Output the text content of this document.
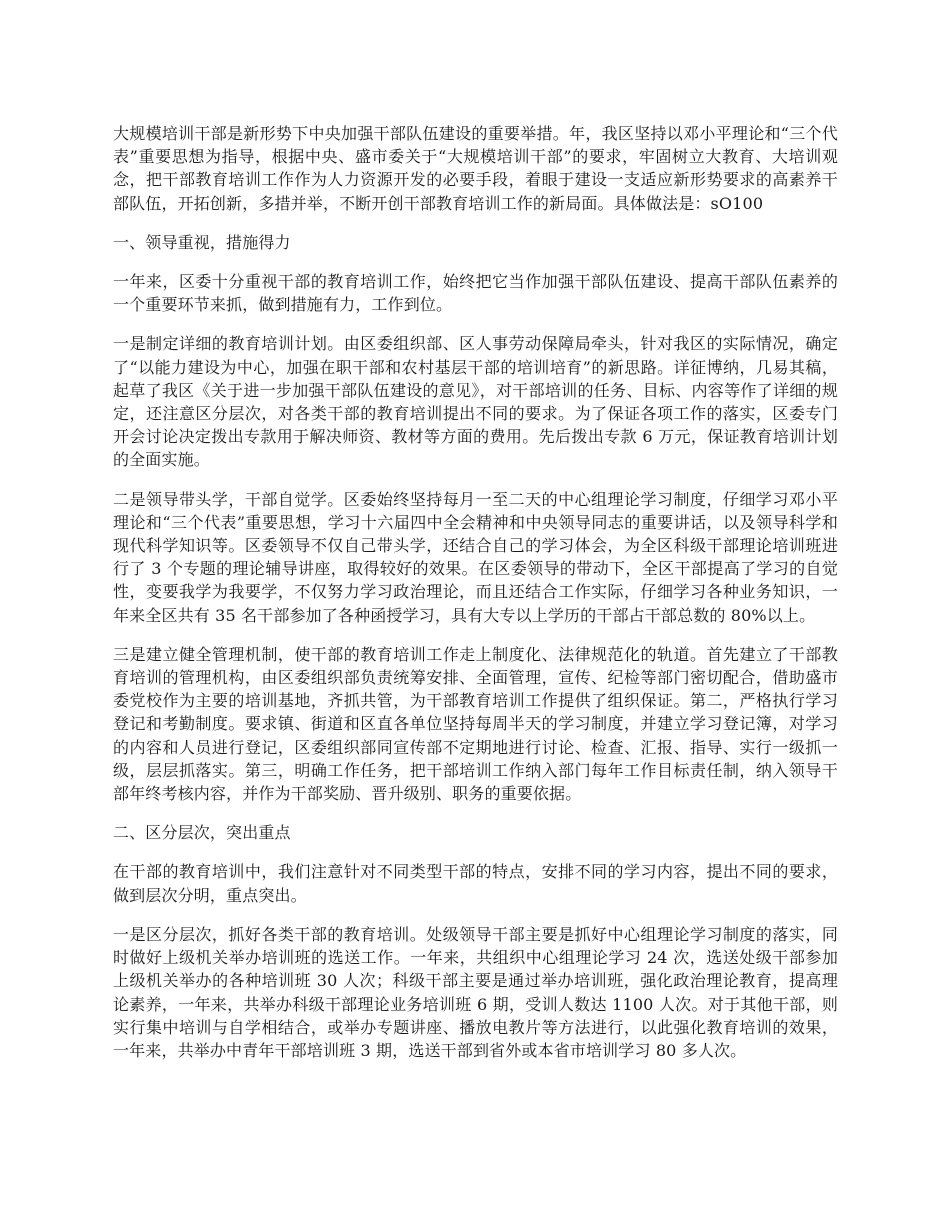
大规模培训干部是新形势下中央加强干部队伍建设的重要举措。年，我区坚持以邓小平理论和“三个代表”重要思想为指导，根据中央、盛市委关于“大规模培训干部”的要求，牢固树立大教育、大培训观念，把干部教育培训工作作为人力资源开发的必要手段，着眼于建设一支适应新形势要求的高素养干部队伍，开拓创新，多措并举，不断开创干部教育培训工作的新局面。具体做法是：sO100

一、领导重视，措施得力

一年来，区委十分重视干部的教育培训工作，始终把它当作加强干部队伍建设、提高干部队伍素养的一个重要环节来抓，做到措施有力，工作到位。

一是制定详细的教育培训计划。由区委组织部、区人事劳动保障局牵头，针对我区的实际情况，确定了“以能力建设为中心，加强在职干部和农村基层干部的培训培育”的新思路。详征博纳，几易其稿，起草了我区《关于进一步加强干部队伍建设的意见》，对干部培训的任务、目标、内容等作了详细的规定，还注意区分层次，对各类干部的教育培训提出不同的要求。为了保证各项工作的落实，区委专门开会讨论决定拨出专款用于解决师资、教材等方面的费用。先后拨出专款 6 万元，保证教育培训计划的全面实施。

二是领导带头学，干部自觉学。区委始终坚持每月一至二天的中心组理论学习制度，仔细学习邓小平理论和“三个代表”重要思想，学习十六届四中全会精神和中央领导同志的重要讲话，以及领导科学和现代科学知识等。区委领导不仅自己带头学，还结合自己的学习体会，为全区科级干部理论培训班进行了 3 个专题的理论辅导讲座，取得较好的效果。在区委领导的带动下，全区干部提高了学习的自觉性，变要我学为我要学，不仅努力学习政治理论，而且还结合工作实际，仔细学习各种业务知识，一年来全区共有 35 名干部参加了各种函授学习，具有大专以上学历的干部占干部总数的 80%以上。

三是建立健全管理机制，使干部的教育培训工作走上制度化、法律规范化的轨道。首先建立了干部教育培训的管理机构，由区委组织部负责统筹安排、全面管理，宣传、纪检等部门密切配合，借助盛市委党校作为主要的培训基地，齐抓共管，为干部教育培训工作提供了组织保证。第二，严格执行学习登记和考勤制度。要求镇、街道和区直各单位坚持每周半天的学习制度，并建立学习登记簿，对学习的内容和人员进行登记，区委组织部同宣传部不定期地进行讨论、检查、汇报、指导、实行一级抓一级，层层抓落实。第三，明确工作任务，把干部培训工作纳入部门每年工作目标责任制，纳入领导干部年终考核内容，并作为干部奖励、晋升级别、职务的重要依据。

二、区分层次，突出重点

在干部的教育培训中，我们注意针对不同类型干部的特点，安排不同的学习内容，提出不同的要求，做到层次分明，重点突出。

一是区分层次，抓好各类干部的教育培训。处级领导干部主要是抓好中心组理论学习制度的落实，同时做好上级机关举办培训班的选送工作。一年来，共组织中心组理论学习 24 次，选送处级干部参加上级机关举办的各种培训班 30 人次；科级干部主要是通过举办培训班，强化政治理论教育，提高理论素养，一年来，共举办科级干部理论业务培训班 6 期，受训人数达 1100 人次。对于其他干部，则实行集中培训与自学相结合，或举办专题讲座、播放电教片等方法进行，以此强化教育培训的效果，一年来，共举办中青年干部培训班 3 期，选送干部到省外或本省市培训学习 80 多人次。
